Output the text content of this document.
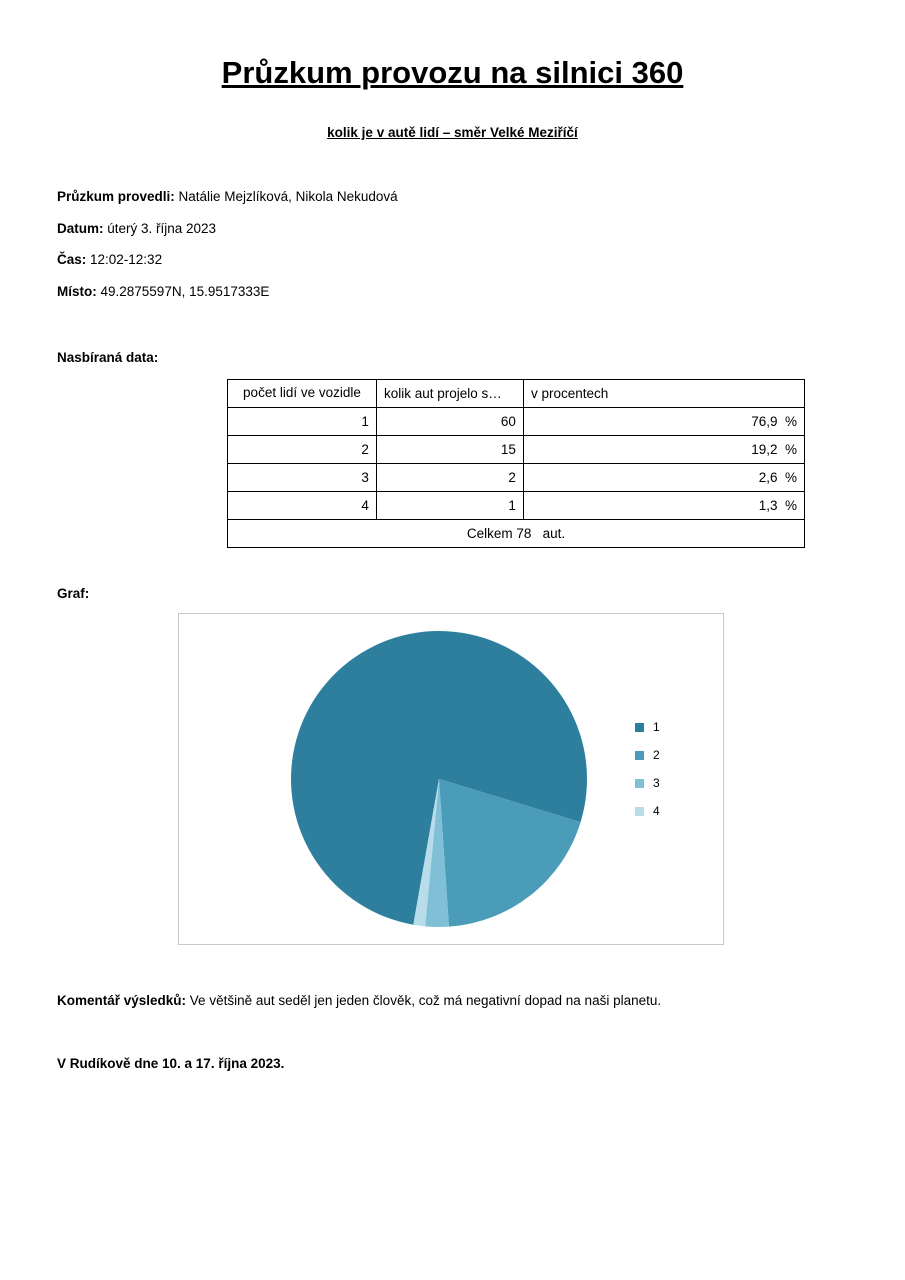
Průzkum provozu na silnici 360
kolik je v autě lidí – směr Velké Meziříčí
Průzkum provedli: Natálie Mejzlíková, Nikola Nekudová
Datum: úterý 3. října 2023
Čas: 12:02-12:32
Místo: 49.2875597N, 15.9517333E
Nasbíraná data:
počet lidí ve vozidle	kolik aut projelo s…	v procentech
1	60	76,9  %
2	15	19,2  %
3	2	2,6  %
4	1	1,3  %
Celkem 78   aut.		
Graf:
1
2
3
4
Komentář výsledků: Ve většině aut seděl jen jeden člověk, což má negativní dopad na naši planetu.
V Rudíkově dne 10. a 17. října 2023.
